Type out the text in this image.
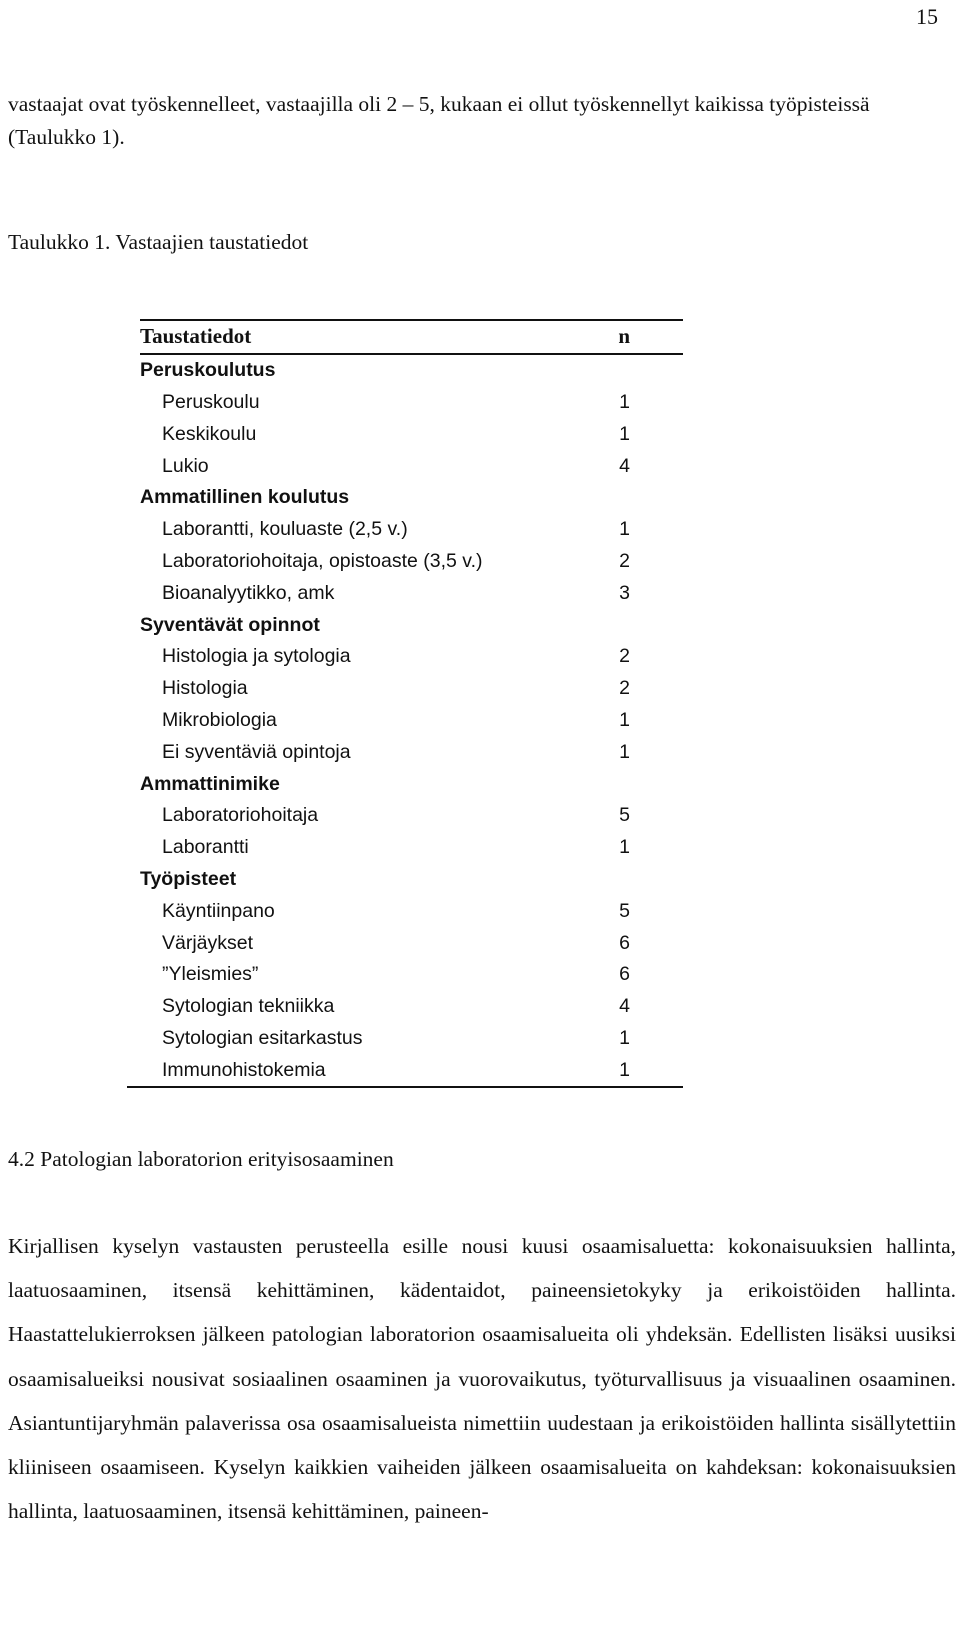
15

vastaajat ovat työskennelleet, vastaajilla oli 2 – 5, kukaan ei ollut työskennellyt kaikissa työpisteissä (Taulukko 1).

Taulukko 1. Vastaajien taustatiedot
Taustatiedot	n
Peruskoulutus	
Peruskoulu	1
Keskikoulu	1
Lukio	4
Ammatillinen koulutus	
Laborantti, kouluaste (2,5 v.)	1
Laboratoriohoitaja, opistoaste (3,5 v.)	2
Bioanalyytikko, amk	3
Syventävät opinnot	
Histologia ja sytologia	2
Histologia	2
Mikrobiologia	1
Ei syventäviä opintoja	1
Ammattinimike	
Laboratoriohoitaja	5
Laborantti	1
Työpisteet	
Käyntiinpano	5
Värjäykset	6
”Yleismies”	6
Sytologian tekniikka	4
Sytologian esitarkastus	1
Immunohistokemia	1
4.2 Patologian laboratorion erityisosaaminen

Kirjallisen kyselyn vastausten perusteella esille nousi kuusi osaamisaluetta: kokonaisuuksien hallinta, laatuosaaminen, itsensä kehittäminen, kädentaidot, paineensietokyky ja erikoistöiden hallinta. Haastattelukierroksen jälkeen patologian laboratorion osaamisalueita oli yhdeksän. Edellisten lisäksi uusiksi osaamisalueiksi nousivat sosiaalinen osaaminen ja vuorovaikutus, työturvallisuus ja visuaalinen osaaminen. Asiantuntijaryhmän palaverissa osa osaamisalueista nimettiin uudestaan ja erikoistöiden hallinta sisällytettiin kliiniseen osaamiseen. Kyselyn kaikkien vaiheiden jälkeen osaamisalueita on kahdeksan: kokonaisuuksien hallinta, laatuosaaminen, itsensä kehittäminen, paineen-
